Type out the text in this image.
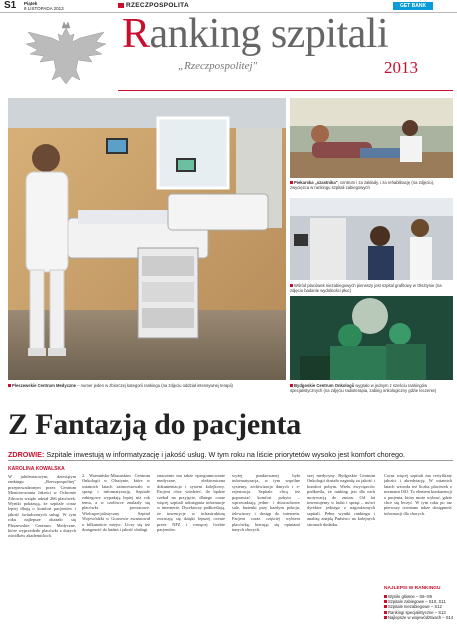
S1 Piątek
8 LISTOPADA 2013	RZECZPOSPOLITA	GET BANK
Ranking szpitali
„Rzeczpospolitej"	2013
Pleszewskie Centrum Medyczne – numer jeden w zbiorczej kategorii rankingu (na zdjęciu oddział intensywnej terapii)
Piekarska „szastnika", centrum i za zakłady, i za rehabilitację (na zdjęciu), zwycięzca w rankingu szpitali zabiegowych
Wśród placówek niezabiegowych pierwszy jest szpital grafitowy w Olsztynie (na zdjęciu badanie wydolności płuc)
Bydgoskie Centrum Onkologii wygrało w jednym z sześciu rankingów specjalistycznych (na zdjęciu radioterapia, zabieg onkologiczny gdzie leczenie)
Z Fantazją do pacjenta
ZDROWIE: Szpitale inwestują w informatyzację i jakość usług. W tym roku na liście priorytetów wysoko jest komfort chorego.
KAROLINA KOWALSKA
W jubileuszowym, dziesiątym rankingu „Rzeczpospolitej" przeprowadzonym przez Centrum Monitorowania Jakości w Ochronie Zdrowia wzięło udział 266 placówek. Wyniki pokazują, że szpitale coraz lepiej dbają o komfort pacjentów i jakość świadczonych usług. W tym roku najlepsze okazało się Pleszewskie Centrum Medyczne, które wyprzedziło placówki z dużych ośrodków akademickich.
2. Warmińsko-Mazurskim Centrum Onkologii w Olsztynie, które w ostatnich latach zainwestowało w sprzęt i informatyzację. Szpitale zabiegowe wypadają lepiej niż rok temu, a w czołówce znalazły się placówki powiatowe. Wielospecjalistyczny Szpital Wojewódzki w Gorzowie awansował o kilkanaście miejsc. Liczy się też dostępność do badań i jakość obsługi.
znaczenie ma także oprogramowanie medyczne, elektroniczna dokumentacja i system kolejkowy. Pacjent chce wiedzieć, ile będzie czekał na przyjęcie, dlatego coraz więcej szpitali udostępnia informacje w internecie. Dyrektorzy podkreślają, że inwestycje w infrastrukturę zwracają się dzięki lepszej ocenie przez NFZ i rosnącej liczbie pacjentów.
wyżej punktowanej była informatyzacja, w tym wspólne systemy, archiwizacja danych i e-rejestracja. Szpitale chcą też poprawiać komfort pobytu – wprowadzają jedno- i dwuosobowe sale, łazienki przy każdym pokoju, telewizory i dostęp do internetu. Pacjent coraz częściej wybiera placówkę, kierując się opiniami innych chorych.
szej medycyny. Bydgoskie Centrum Onkologii dostało nagrodę za jakość i komfort pobytu. Wielu zwycięzców podkreśla, że ranking jest dla nich motywacją do zmian. Od lat inwestujemy w ludzi i sprzęt – mówi dyrektor jednego z nagrodzonych szpitali. Pełne wyniki rankingu i analizę znajdą Państwo na kolejnych stronach dodatku.
Coraz więcej szpitali ma certyfikaty jakości i akredytację. W ostatnich latach wzrosła też liczba placówek z normami ISO. To element konkurencji o pacjenta, który może wybrać, gdzie chce się leczyć. W tym roku po raz pierwszy oceniano także dostępność informacji dla chorych.
NAJLEPSI W RANKINGU
Wyniki główne – S6–S9
Szpitale zabiegowe – S10, S11
Szpitale niezabiegowe – S12
Rankingi specjalistyczne – S13
Najlepsze w województwach – S14
